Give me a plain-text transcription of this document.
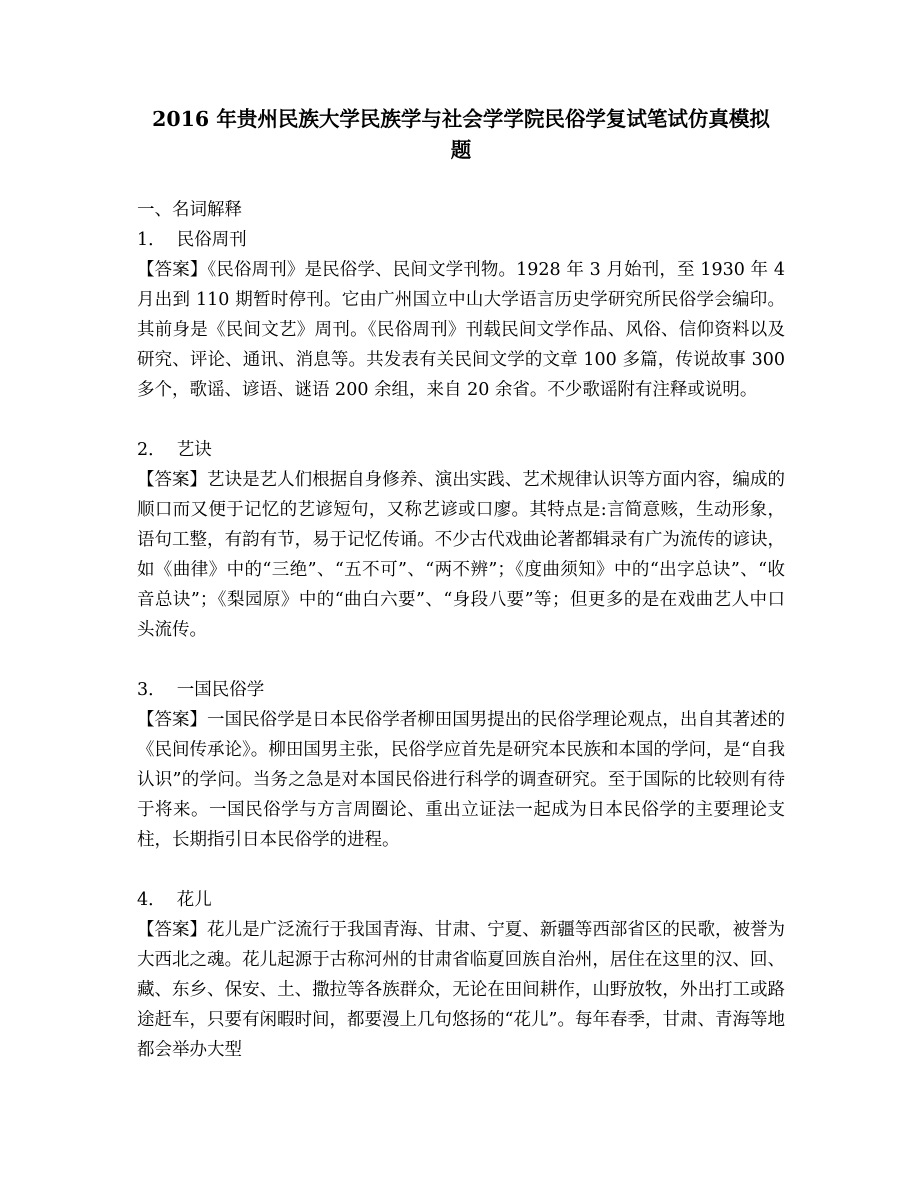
2016 年贵州民族大学民族学与社会学学院民俗学复试笔试仿真模拟题
一、名词解释
1．  民俗周刊
【答案】《民俗周刊》是民俗学、民间文学刊物。1928 年 3 月始刊，至 1930 年 4 月出到 110 期暂时停刊。它由广州国立中山大学语言历史学研究所民俗学会编印。其前身是《民间文艺》周刊。《民俗周刊》刊载民间文学作品、风俗、信仰资料以及研究、评论、通讯、消息等。共发表有关民间文学的文章 100 多篇，传说故事 300 多个，歌谣、谚语、谜语 200 余组，来自 20 余省。不少歌谣附有注释或说明。
2．  艺诀
【答案】艺诀是艺人们根据自身修养、演出实践、艺术规律认识等方面内容，编成的顺口而又便于记忆的艺谚短句，又称艺谚或口廖。其特点是:言简意赅，生动形象，语句工整，有韵有节，易于记忆传诵。不少古代戏曲论著都辑录有广为流传的谚诀，如《曲律》中的“三绝”、“五不可”、“两不辨”；《度曲须知》中的“出字总诀”、“收音总诀”；《梨园原》中的“曲白六要”、“身段八要”等；但更多的是在戏曲艺人中口头流传。
3．  一国民俗学
【答案】一国民俗学是日本民俗学者柳田国男提出的民俗学理论观点，出自其著述的《民间传承论》。柳田国男主张，民俗学应首先是研究本民族和本国的学问，是“自我认识”的学问。当务之急是对本国民俗进行科学的调查研究。至于国际的比较则有待于将来。一国民俗学与方言周圈论、重出立证法一起成为日本民俗学的主要理论支柱，长期指引日本民俗学的进程。
4．  花儿
【答案】花儿是广泛流行于我国青海、甘肃、宁夏、新疆等西部省区的民歌，被誉为大西北之魂。花儿起源于古称河州的甘肃省临夏回族自治州，居住在这里的汉、回、藏、东乡、保安、土、撒拉等各族群众，无论在田间耕作，山野放牧，外出打工或路途赶车，只要有闲暇时间，都要漫上几句悠扬的“花儿”。每年春季，甘肃、青海等地都会举办大型
